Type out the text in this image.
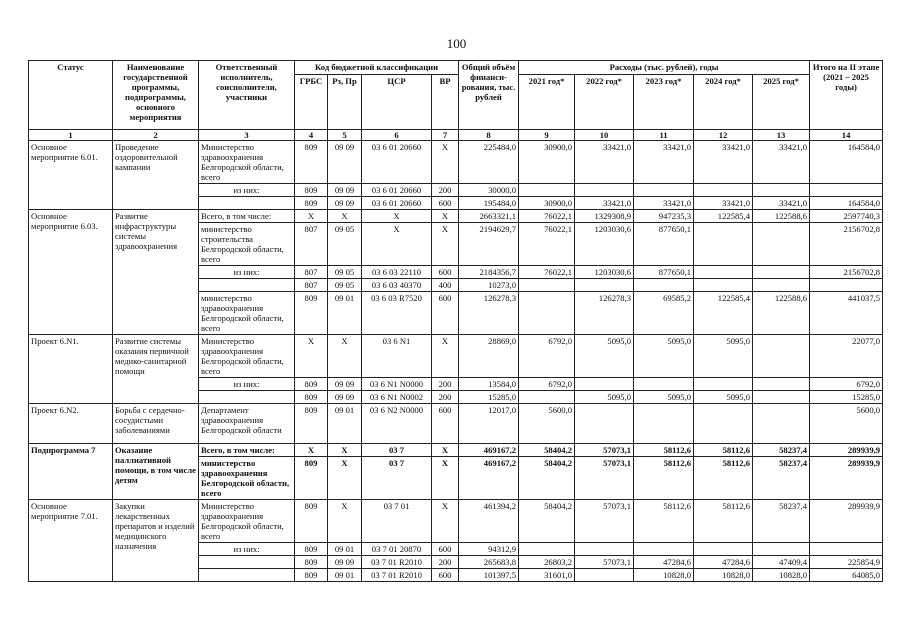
100
Статус	Наименование государственной программы, подпрограммы, основного мероприятия	Ответственный исполнитель, соисполнители, участники	Код бюджетной классификации				Общий объём финанси-рования, тыс. рублей	Расходы (тыс. рублей), годы					Итого на II этапе (2021 – 2025 годы)
			ГРБС	Рз, Пр	ЦСР	ВР		2021 год*	2022 год*	2023 год*	2024 год*	2025 год*	
1	2	3	4	5	6	7	8	9	10	11	12	13	14
Основное мероприятие 6.01.	Проведение оздоровительной кампании	Министерство здравоохранения Белгородской области, всего	809	09 09	03 6 01 20660	X	225484,0	30900,0	33421,0	33421,0	33421,0	33421,0	164584,0
		из них:	809	09 09	03 6 01 20660	200	30000,0						
			809	09 09	03 6 01 20660	600	195484,0	30900,0	33421,0	33421,0	33421,0	33421,0	164584,0
Основное мероприятие 6.03.	Развитие инфраструктуры системы здравоохранения	Всего, в том числе:	X	X	X	X	2663321,1	76022,1	1329308,9	947235,3	122585,4	122588,6	2597740,3
		министерство строительства Белгородской области, всего	807	09 05	X	X	2194629,7	76022,1	1203030,6	877650,1			2156702,8
		из них:	807	09 05	03 6 03 22110	600	2184356,7	76022,1	1203030,6	877650,1			2156702,8
			807	09 05	03 6 03 40370	400	10273,0						
		министерство здравоохранения Белгородской области, всего	809	09 01	03 6 03 R7520	600	126278,3		126278,3	69585,2	122585,4	122588,6	441037,5
Проект 6.N1.	Развитие системы оказания первичной медико-санитарной помощи	Министерство здравоохранения Белгородской области, всего	X	X	03 6 N1	X	28869,0	6792,0	5095,0	5095,0	5095,0		22077,0
		из них:	809	09 09	03 6 N1 N0000	200	13584,0	6792,0					6792,0
			809	09 09	03 6 N1 N0002	200	15285,0		5095,0	5095,0	5095,0		15285,0
Проект 6.N2.	Борьба с сердечно-сосудистыми заболеваниями	Департамент здравоохранения Белгородской области	809	09 01	03 6 N2 N0000	600	12017,0	5600,0					5600,0
Подпрограмма 7	Оказание паллиативной помощи, в том числе детям	Всего, в том числе:	X	X	03 7	X	469167,2	58404,2	57073,1	58112,6	58112,6	58237,4	289939,9
		министерство здравоохранения Белгородской области, всего	809	X	03 7	X	469167,2	58404,2	57073,1	58112,6	58112,6	58237,4	289939,9
Основное мероприятие 7.01.	Закупки лекарственных препаратов и изделий медицинского назначения	Министерство здравоохранения Белгородской области, всего	809	X	03 7 01	X	461394,2	58404,2	57073,1	58112,6	58112,6	58237,4	289939,9
		из них:	809	09 01	03 7 01 20870	600	94312,9						
			809	09 09	03 7 01 R2010	200	265683,8	26803,2	57073,1	47284,6	47284,6	47409,4	225854,9
			809	09 01	03 7 01 R2010	600	101397,5	31601,0		10828,0	10828,0	10828,0	64085,0
